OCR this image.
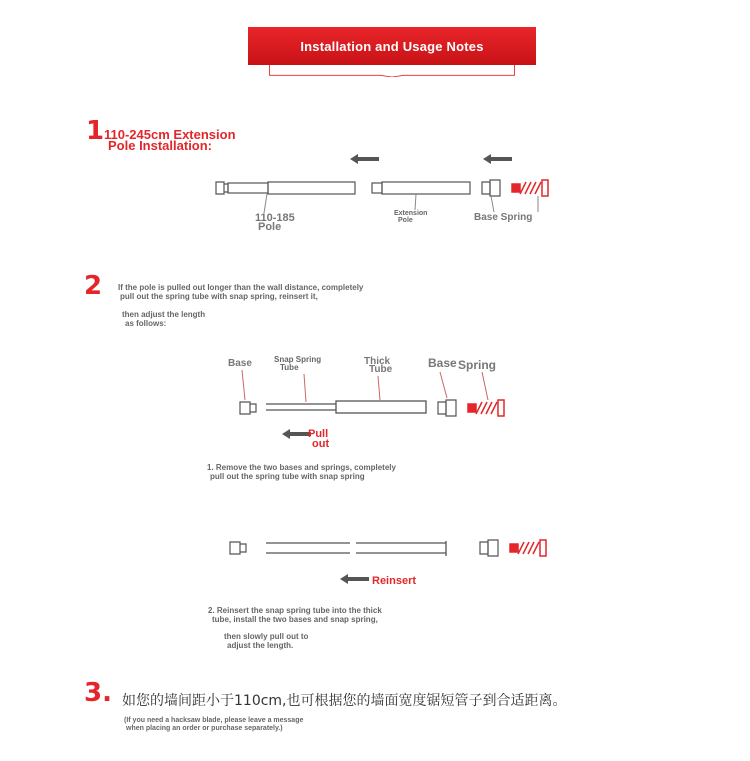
Installation and Usage Notes
1 110-245cm Extension
Pole Installation:
110-185
Pole
Extension
Pole	Base Spring
2 If the pole is pulled out longer than the wall distance, completely
pull out the spring tube with snap spring, reinsert it,
then adjust the length
as follows:
Base	Snap Spring
Tube
Thick
Tube	Base Spring
Pull
out
1. Remove the two bases and springs, completely
pull out the spring tube with snap spring
Reinsert
2. Reinsert the snap spring tube into the thick
tube, install the two bases and snap spring,
then slowly pull out to
adjust the length.
3. 如您的墙间距小于110cm,也可根据您的墙面宽度锯短管子到合适距离。
(If you need a hacksaw blade, please leave a message
when placing an order or purchase separately.)
